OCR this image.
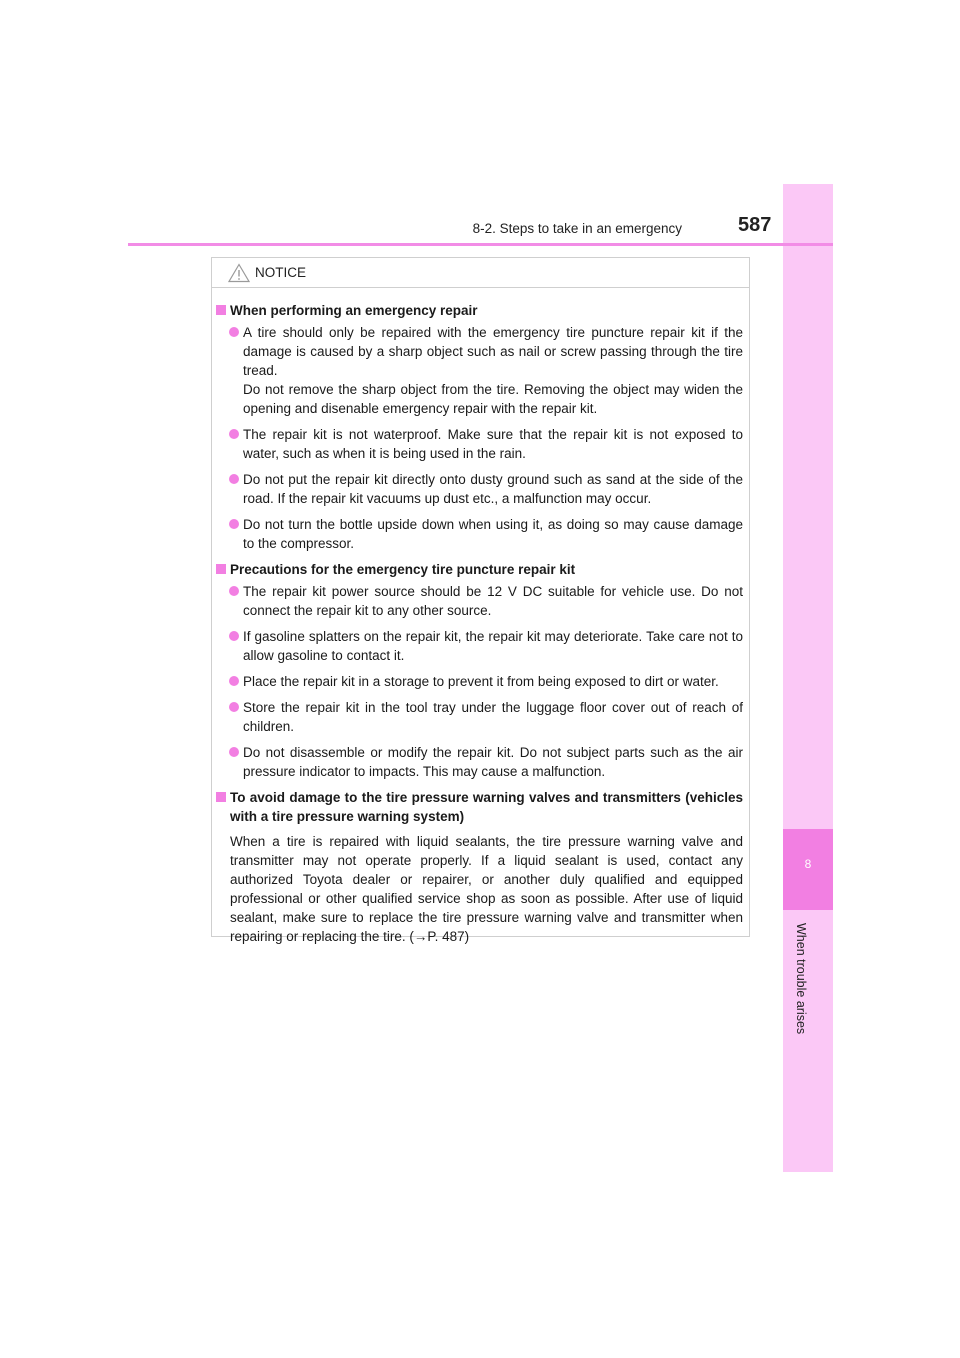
8
When trouble arises
8-2. Steps to take in an emergency	587
NOTICE
When performing an emergency repair

A tire should only be repaired with the emergency tire puncture repair kit if the damage is caused by a sharp object such as nail or screw passing through the tire tread.

Do not remove the sharp object from the tire. Removing the object may widen the opening and disenable emergency repair with the repair kit.

The repair kit is not waterproof. Make sure that the repair kit is not exposed to water, such as when it is being used in the rain.

Do not put the repair kit directly onto dusty ground such as sand at the side of the road. If the repair kit vacuums up dust etc., a malfunction may occur.

Do not turn the bottle upside down when using it, as doing so may cause damage to the compressor.

Precautions for the emergency tire puncture repair kit

The repair kit power source should be 12 V DC suitable for vehicle use. Do not connect the repair kit to any other source.

If gasoline splatters on the repair kit, the repair kit may deteriorate. Take care not to allow gasoline to contact it.

Place the repair kit in a storage to prevent it from being exposed to dirt or water.

Store the repair kit in the tool tray under the luggage floor cover out of reach of children.

Do not disassemble or modify the repair kit. Do not subject parts such as the air pressure indicator to impacts. This may cause a malfunction.

To avoid damage to the tire pressure warning valves and transmitters (vehicles with a tire pressure warning system)

When a tire is repaired with liquid sealants, the tire pressure warning valve and transmitter may not operate properly. If a liquid sealant is used, contact any authorized Toyota dealer or repairer, or another duly qualified and equipped professional or other qualified service shop as soon as possible. After use of liquid sealant, make sure to replace the tire pressure warning valve and transmitter when repairing or replacing the tire. (→P. 487)
